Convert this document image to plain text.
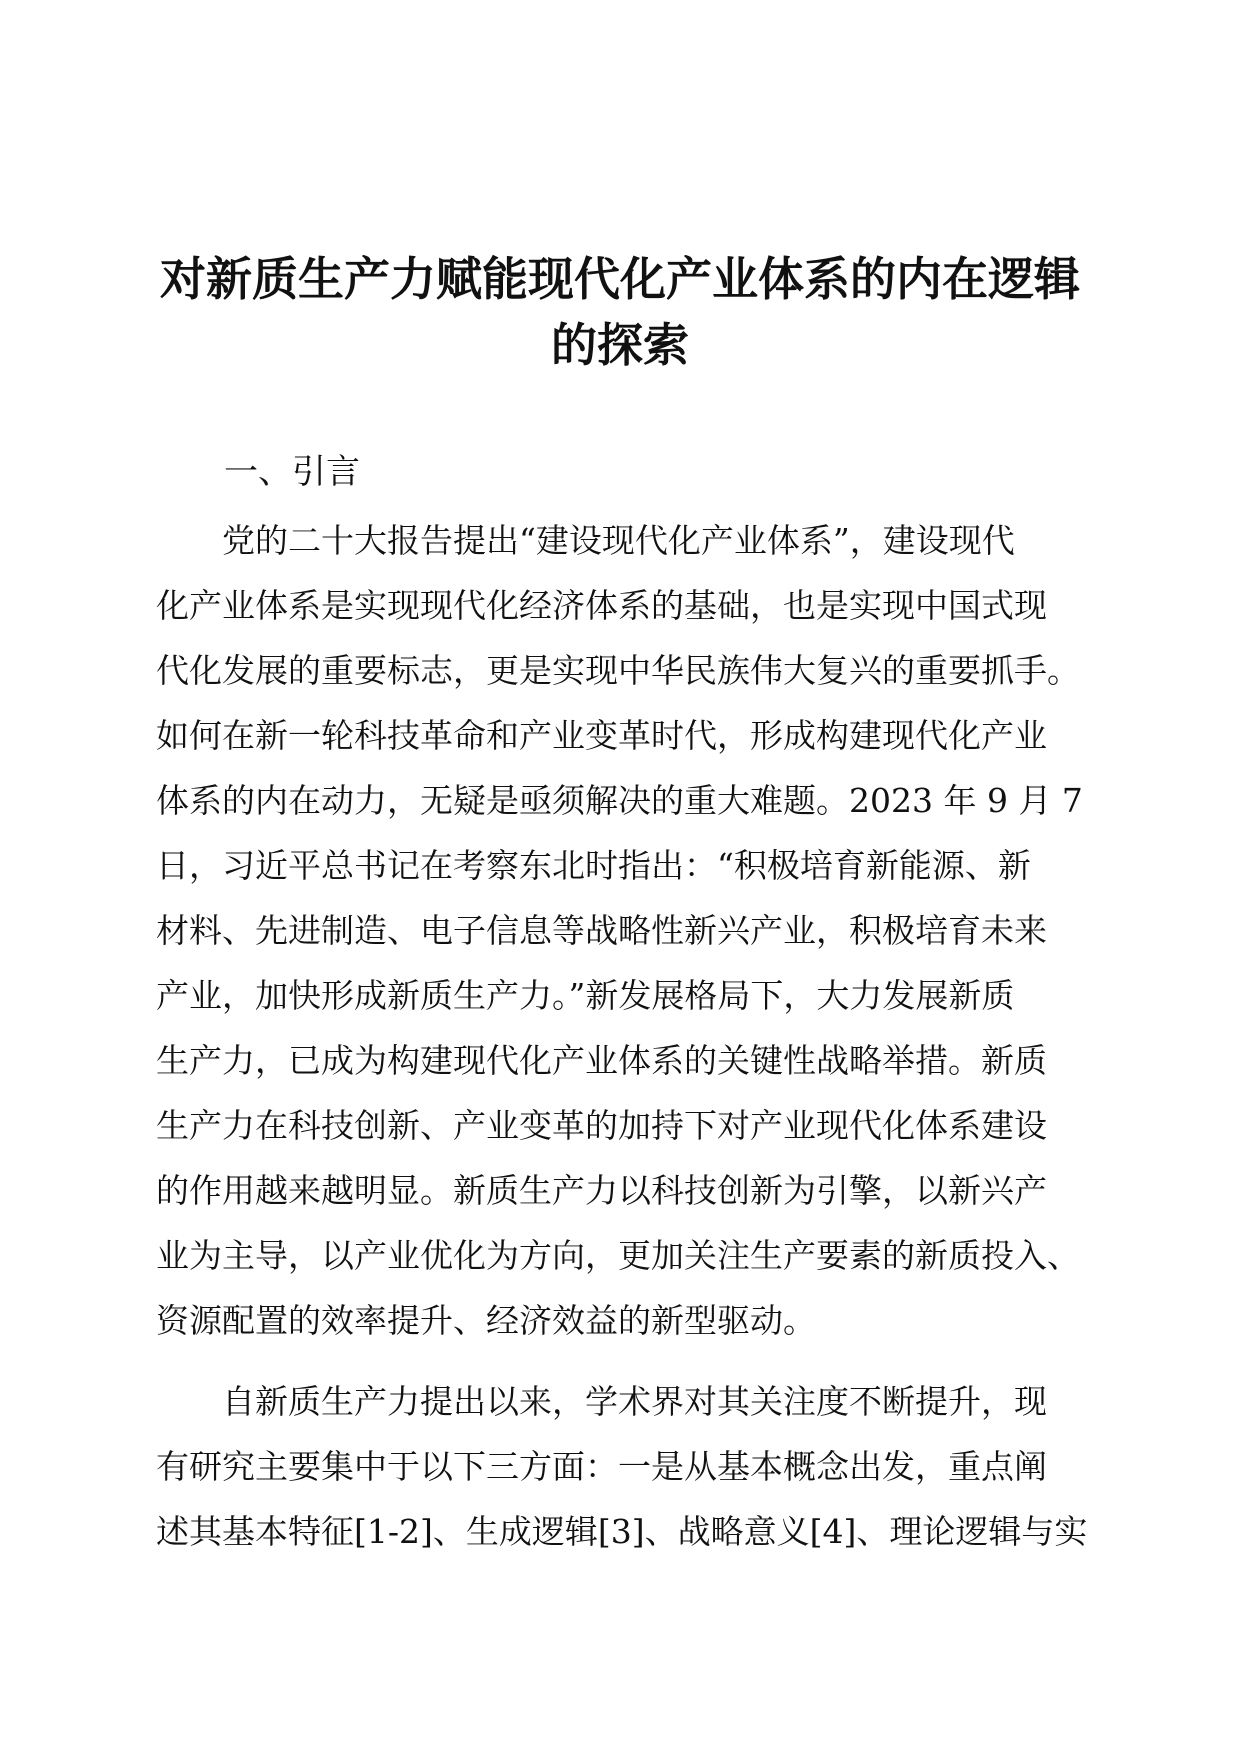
对新质生产力赋能现代化产业体系的内在逻辑
的探索
一、引言
　　党的二十大报告提出“建设现代化产业体系”，建设现代
化产业体系是实现现代化经济体系的基础，也是实现中国式现
代化发展的重要标志，更是实现中华民族伟大复兴的重要抓手。
如何在新一轮科技革命和产业变革时代，形成构建现代化产业
体系的内在动力，无疑是亟须解决的重大难题。2023 年 9 月 7
日，习近平总书记在考察东北时指出：“积极培育新能源、新
材料、先进制造、电子信息等战略性新兴产业，积极培育未来
产业，加快形成新质生产力。”新发展格局下，大力发展新质
生产力，已成为构建现代化产业体系的关键性战略举措。新质
生产力在科技创新、产业变革的加持下对产业现代化体系建设
的作用越来越明显。新质生产力以科技创新为引擎，以新兴产
业为主导，以产业优化为方向，更加关注生产要素的新质投入、
资源配置的效率提升、经济效益的新型驱动。
　　自新质生产力提出以来，学术界对其关注度不断提升，现
有研究主要集中于以下三方面：一是从基本概念出发，重点阐
述其基本特征[1-2]、生成逻辑[3]、战略意义[4]、理论逻辑与实
